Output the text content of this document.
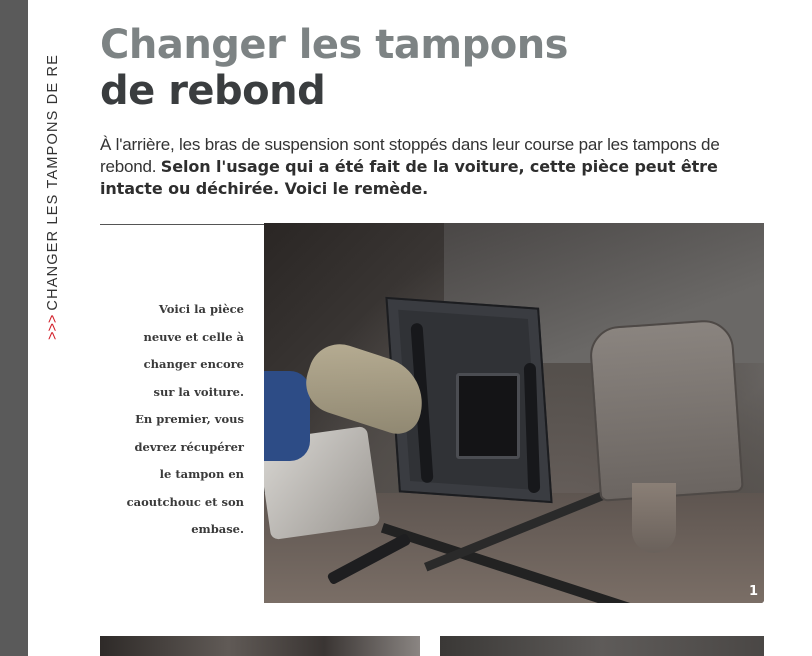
>>>CHANGER LES TAMPONS DE RE
Changer les tampons
de rebond

À l'arrière, les bras de suspension sont stoppés dans leur course par les tampons de rebond. Selon l'usage qui a été fait de la voiture, cette pièce peut être intacte ou déchirée. Voici le remède.

Voici la pièce
neuve et celle à
changer encore
sur la voiture.
En premier, vous
devrez récupérer
le tampon en
caoutchouc et son
embase.

1
